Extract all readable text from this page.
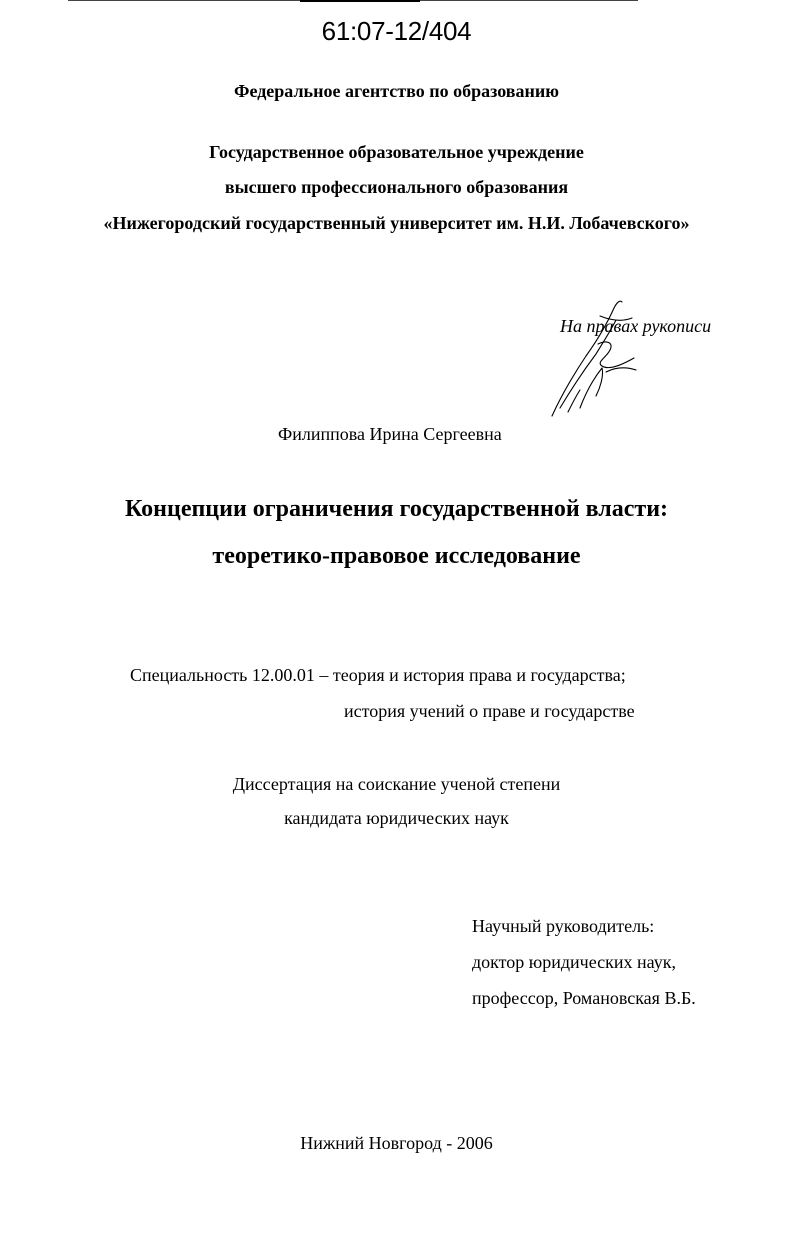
61:07-12/404
Федеральное агентство по образованию
Государственное образовательное учреждение
высшего профессионального образования
«Нижегородский государственный университет им. Н.И. Лобачевского»
На правах рукописи
Филиппова Ирина Сергеевна
Концепции ограничения государственной власти:
теоретико-правовое исследование
Специальность 12.00.01 – теория и история права и государства;
история учений о праве и государстве
Диссертация на соискание ученой степени
кандидата юридических наук
Научный руководитель:
доктор юридических наук,
профессор, Романовская В.Б.
Нижний Новгород - 2006
